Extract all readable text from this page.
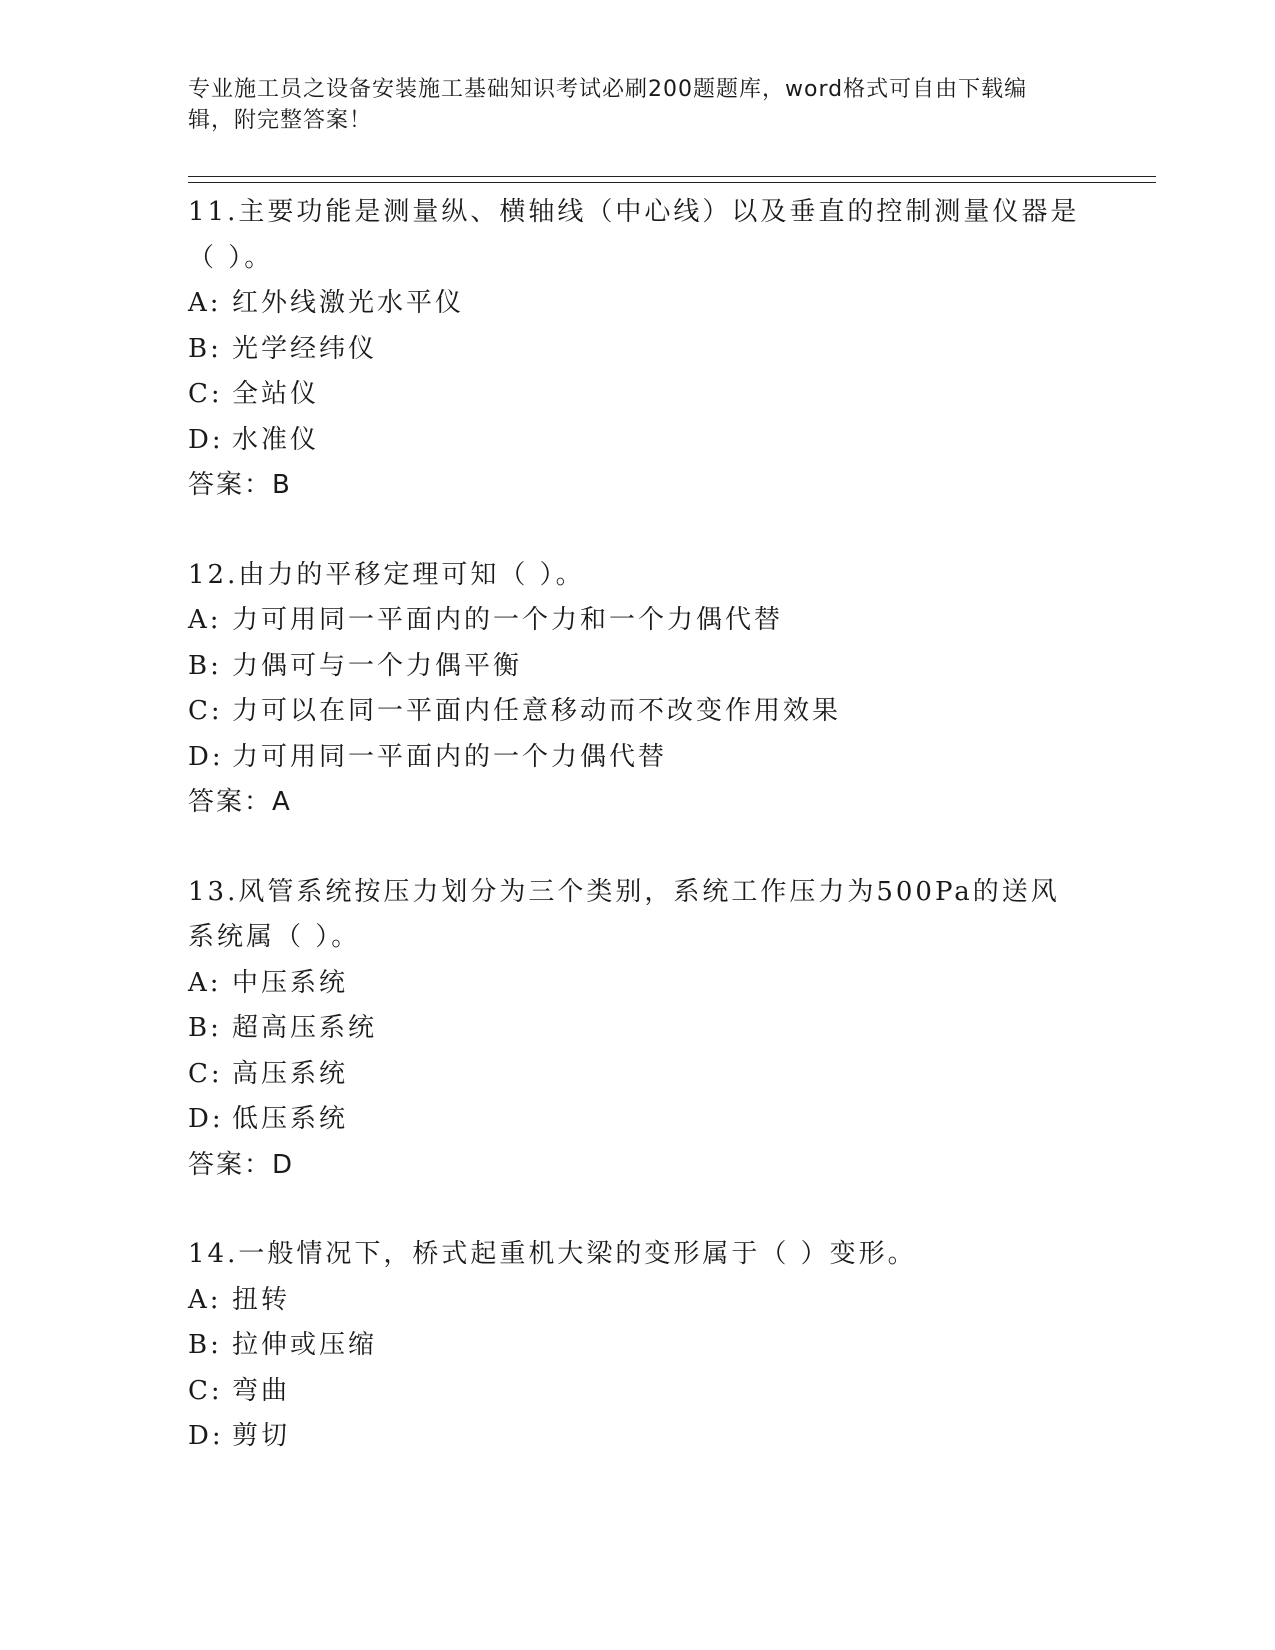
专业施工员之设备安装施工基础知识考试必刷200题题库，word格式可自由下载编辑，附完整答案！
11.主要功能是测量纵、横轴线（中心线）以及垂直的控制测量仪器是（ ）。
A: 红外线激光水平仪
B: 光学经纬仪
C: 全站仪
D: 水准仪
答案：B
12.由力的平移定理可知（ ）。
A: 力可用同一平面内的一个力和一个力偶代替
B: 力偶可与一个力偶平衡
C: 力可以在同一平面内任意移动而不改变作用效果
D: 力可用同一平面内的一个力偶代替
答案：A
13.风管系统按压力划分为三个类别，系统工作压力为500Pa的送风系统属（ ）。
A: 中压系统
B: 超高压系统
C: 高压系统
D: 低压系统
答案：D
14.一般情况下，桥式起重机大梁的变形属于（ ）变形。
A: 扭转
B: 拉伸或压缩
C: 弯曲
D: 剪切
